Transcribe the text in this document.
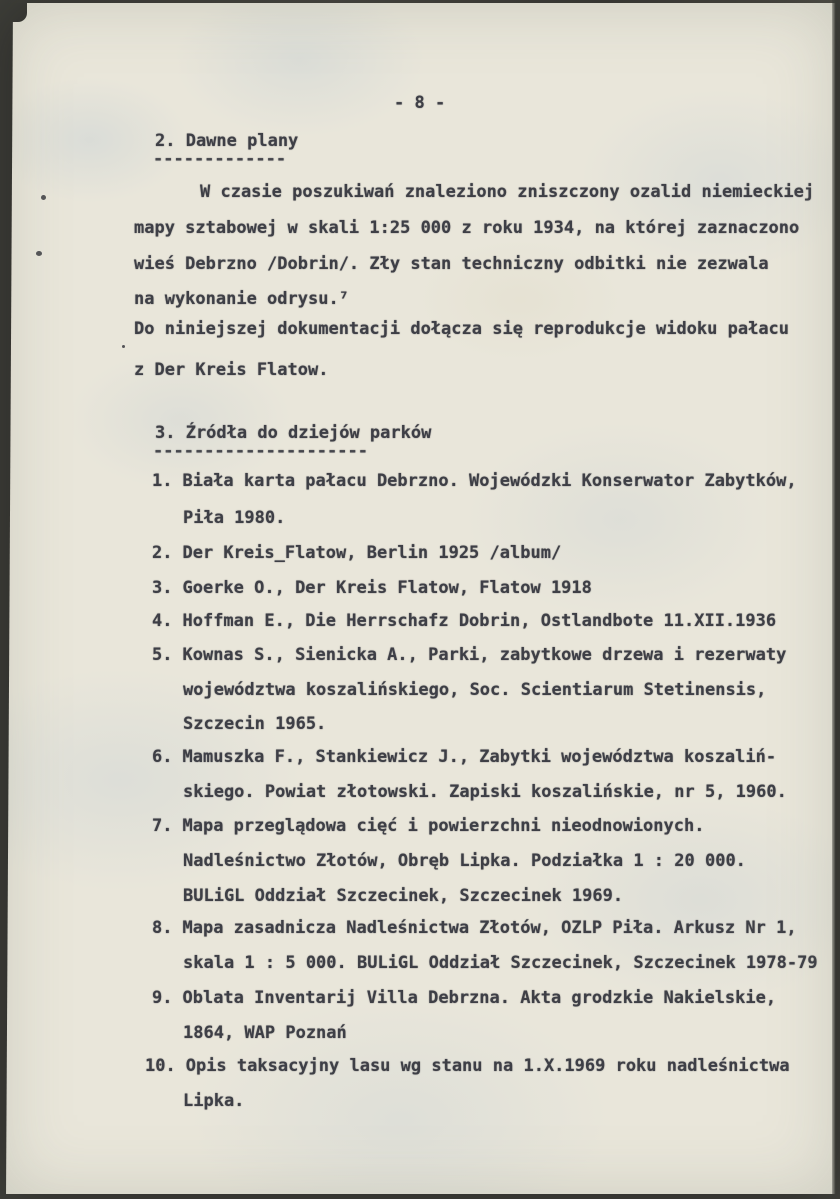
- 8 -
2. Dawne plany
-------------
W czasie poszukiwań znaleziono zniszczony ozalid niemieckiej
mapy sztabowej w skali 1:25 000 z roku 1934, na której zaznaczono
wieś Debrzno /Dobrin/. Zły stan techniczny odbitki nie zezwala
na wykonanie odrysu.⁷
Do niniejszej dokumentacji dołącza się reprodukcje widoku pałacu
z Der Kreis Flatow.
3. Źródła do dziejów parków
---------------------
1. Biała karta pałacu Debrzno. Wojewódzki Konserwator Zabytków,
Piła 1980.
2. Der Kreis_Flatow, Berlin 1925 /album/
3. Goerke O., Der Kreis Flatow, Flatow 1918
4. Hoffman E., Die Herrschafz Dobrin, Ostlandbote 11.XII.1936
5. Kownas S., Sienicka A., Parki, zabytkowe drzewa i rezerwaty
województwa koszalińskiego, Soc. Scientiarum Stetinensis,
Szczecin 1965.
6. Mamuszka F., Stankiewicz J., Zabytki województwa koszaliń-
skiego. Powiat złotowski. Zapiski koszalińskie, nr 5, 1960.
7. Mapa przeglądowa cięć i powierzchni nieodnowionych.
Nadleśnictwo Złotów, Obręb Lipka. Podziałka 1 : 20 000.
BULiGL Oddział Szczecinek, Szczecinek 1969.
8. Mapa zasadnicza Nadleśnictwa Złotów, OZLP Piła. Arkusz Nr 1,
skala 1 : 5 000. BULiGL Oddział Szczecinek, Szczecinek 1978-79
9. Oblata Inventarij Villa Debrzna. Akta grodzkie Nakielskie,
1864, WAP Poznań
10. Opis taksacyjny lasu wg stanu na 1.X.1969 roku nadleśnictwa
Lipka.
